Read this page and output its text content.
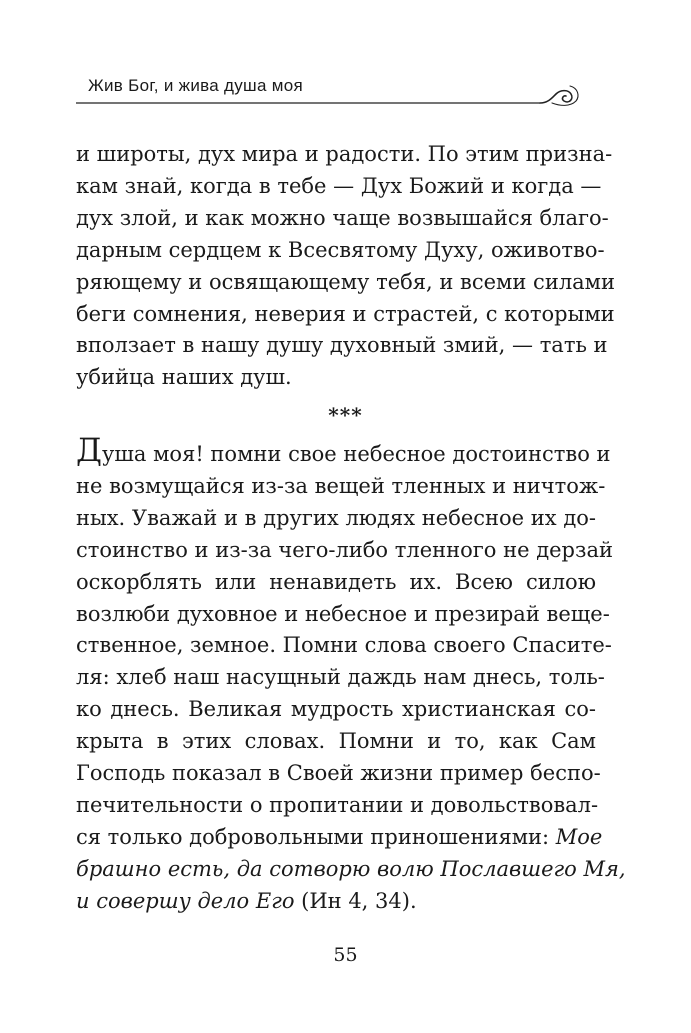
Жив Бог, и жива душа моя
и широты, дух мира и радости. По этим призна-
кам знай, когда в тебе — Дух Божий и когда —
дух злой, и как можно чаще возвышайся благо-
дарным сердцем к Всесвятому Духу, оживотво-
ряющему и освящающему тебя, и всеми силами
беги сомнения, неверия и страстей, с которыми
вползает в нашу душу духовный змий, — тать и
убийца наших душ.
***
Душа моя! помни свое небесное достоинство и
не возмущайся из-за вещей тленных и ничтож-
ных. Уважай и в других людях небесное их до-
стоинство и из-за чего-либо тленного не дерзай
оскорблять или ненавидеть их. Всею силою
возлюби духовное и небесное и презирай веще-
ственное, земное. Помни слова своего Спасите-
ля: хлеб наш насущный даждь нам днесь, толь-
ко днесь. Великая мудрость христианская со-
крыта в этих словах. Помни и то, как Сам
Господь показал в Своей жизни пример беспо-
печительности о пропитании и довольствовал-
ся только добровольными приношениями: Мое
брашно есть, да сотворю волю Пославшего Мя,
и совершу дело Его (Ин 4, 34).
55
